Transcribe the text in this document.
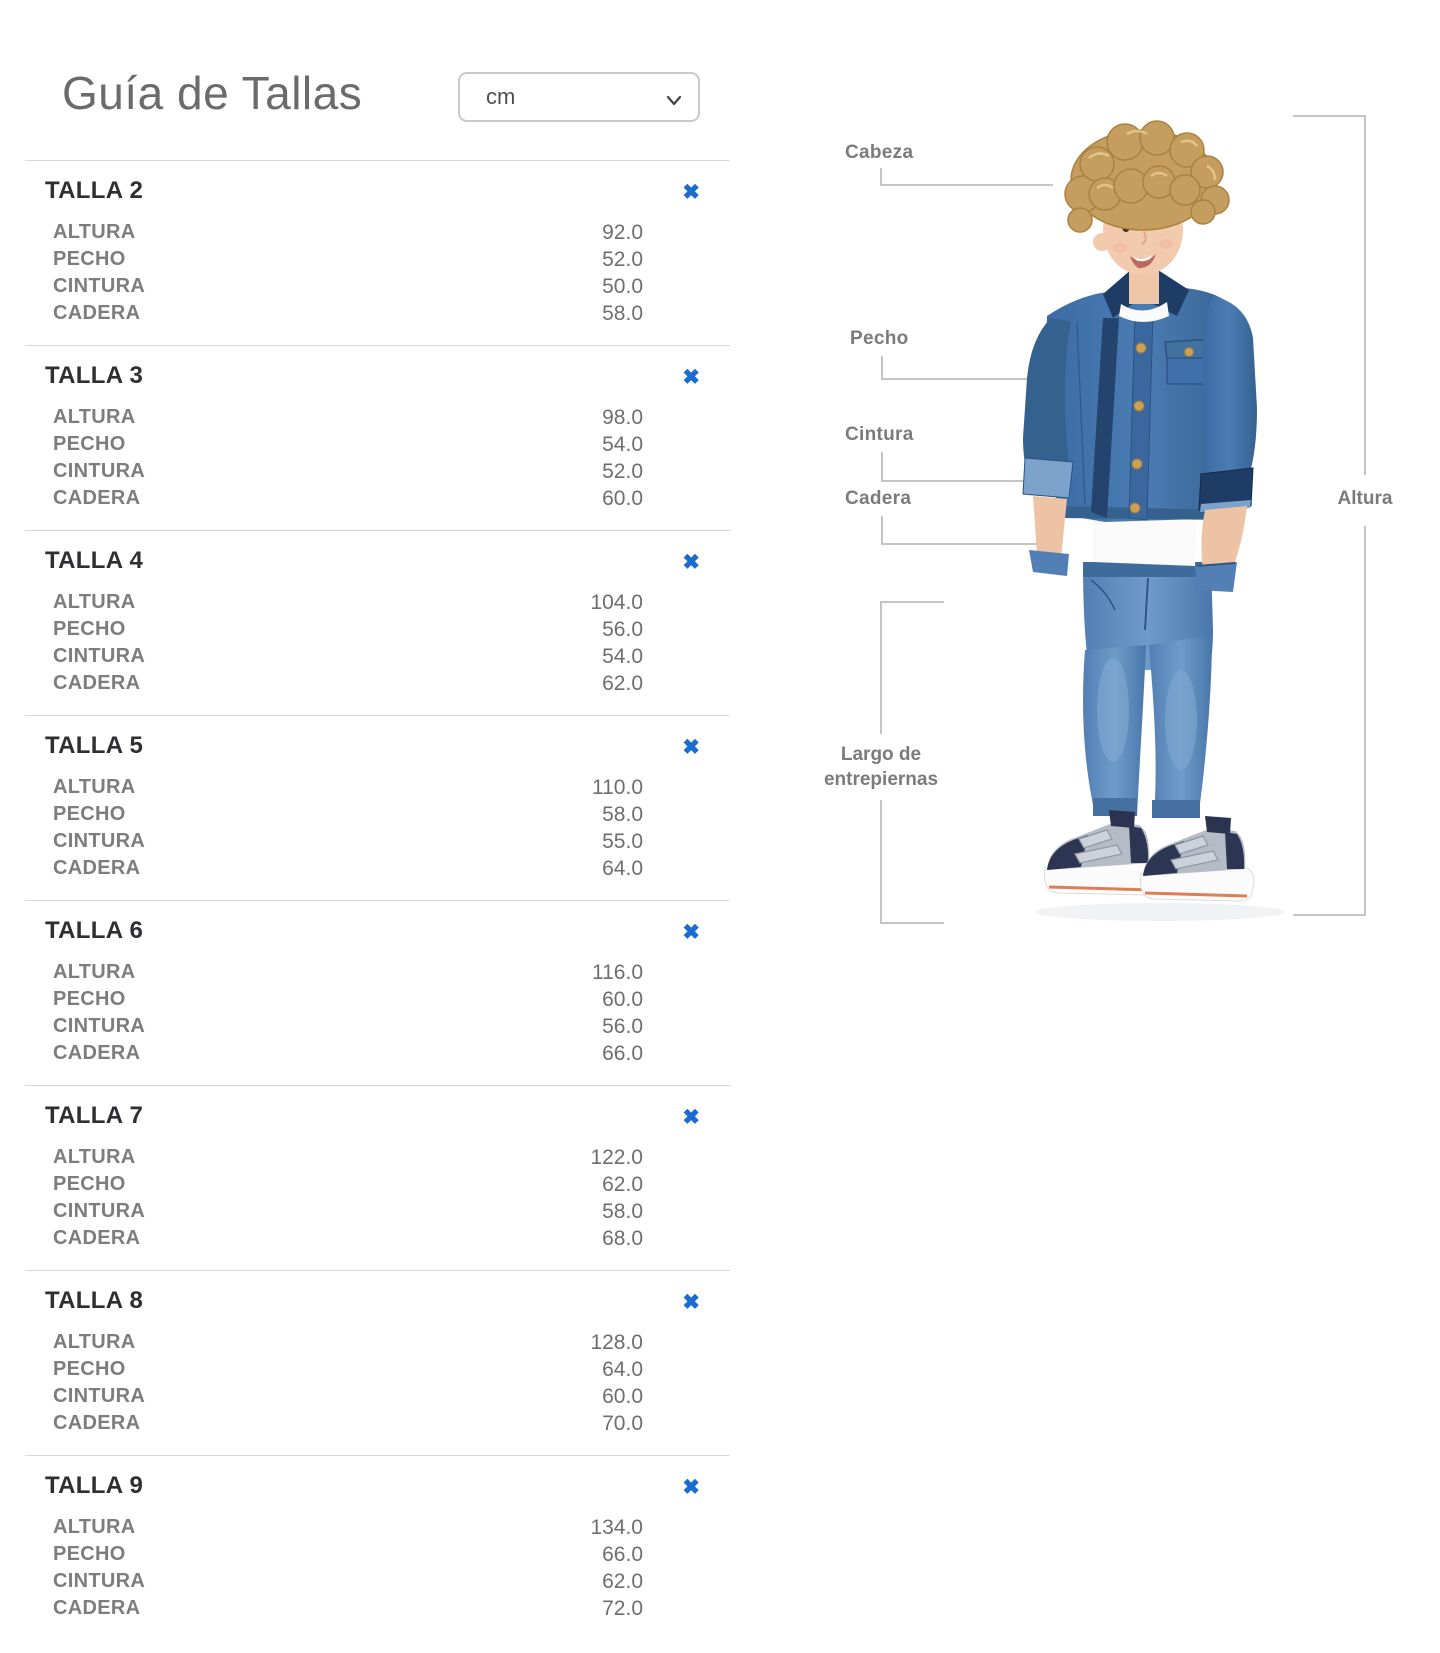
Guía de Tallas	cm
TALLA 2	✖
ALTURA	92.0
PECHO	52.0
CINTURA	50.0
CADERA	58.0
TALLA 3	✖
ALTURA	98.0
PECHO	54.0
CINTURA	52.0
CADERA	60.0
TALLA 4	✖
ALTURA	104.0
PECHO	56.0
CINTURA	54.0
CADERA	62.0
TALLA 5	✖
ALTURA	110.0
PECHO	58.0
CINTURA	55.0
CADERA	64.0
TALLA 6	✖
ALTURA	116.0
PECHO	60.0
CINTURA	56.0
CADERA	66.0
TALLA 7	✖
ALTURA	122.0
PECHO	62.0
CINTURA	58.0
CADERA	68.0
TALLA 8	✖
ALTURA	128.0
PECHO	64.0
CINTURA	60.0
CADERA	70.0
TALLA 9	✖
ALTURA	134.0
PECHO	66.0
CINTURA	62.0
CADERA	72.0
Cabeza
Pecho
Cintura
Cadera
Largo de
entrepiernas
Altura
